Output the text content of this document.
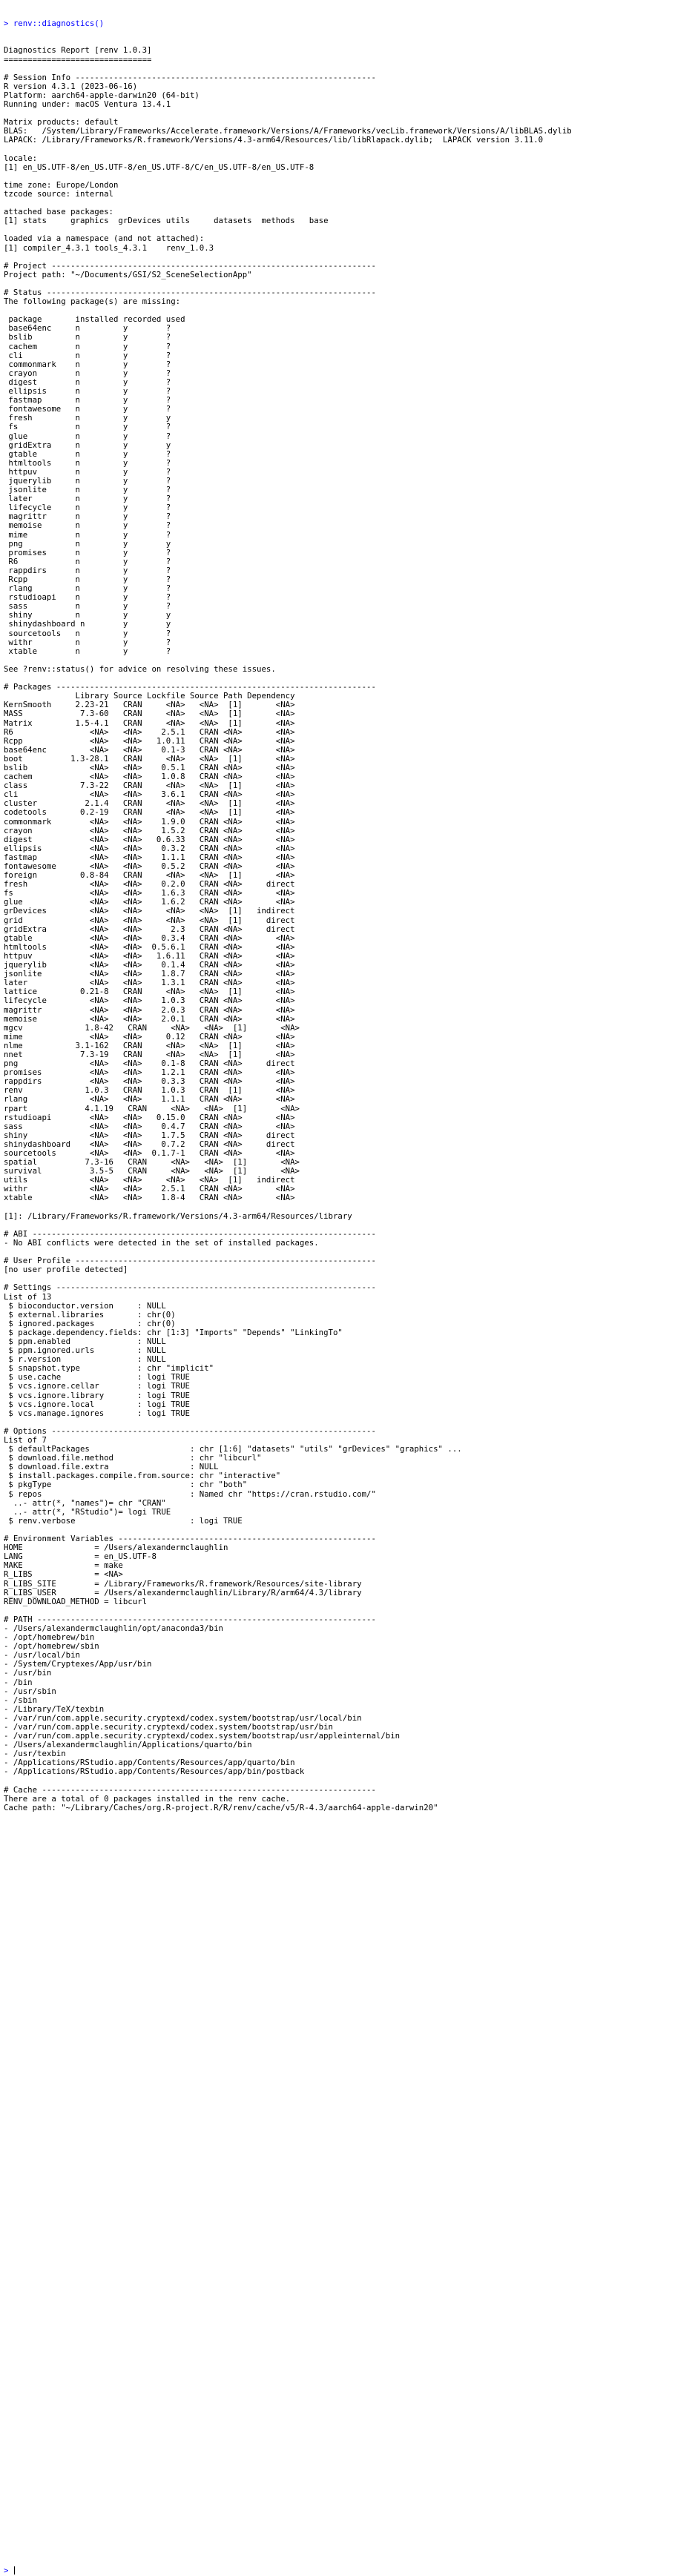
> renv::diagnostics()

Diagnostics Report [renv 1.0.3]
===============================
# Session Info ---------------------------------------------------------------
R version 4.3.1 (2023-06-16)
Platform: aarch64-apple-darwin20 (64-bit)
Running under: macOS Ventura 13.4.1
Matrix products: default
BLAS:   /System/Library/Frameworks/Accelerate.framework/Versions/A/Frameworks/vecLib.framework/Versions/A/libBLAS.dylib
LAPACK: /Library/Frameworks/R.framework/Versions/4.3-arm64/Resources/lib/libRlapack.dylib;  LAPACK version 3.11.0
locale:
[1] en_US.UTF-8/en_US.UTF-8/en_US.UTF-8/C/en_US.UTF-8/en_US.UTF-8
time zone: Europe/London
tzcode source: internal
attached base packages:
[1] stats     graphics  grDevices utils     datasets  methods   base
loaded via a namespace (and not attached):
[1] compiler_4.3.1 tools_4.3.1    renv_1.0.3
# Project --------------------------------------------------------------------
Project path: "~/Documents/GSI/S2_SceneSelectionApp"
# Status ---------------------------------------------------------------------
The following package(s) are missing:
package       installed recorded used
base64enc     n         y        ?
bslib         n         y        ?
cachem        n         y        ?
cli           n         y        ?
commonmark    n         y        ?
crayon        n         y        ?
digest        n         y        ?
ellipsis      n         y        ?
fastmap       n         y        ?
fontawesome   n         y        ?
fresh         n         y        y
fs            n         y        ?
glue          n         y        ?
gridExtra     n         y        y
gtable        n         y        ?
htmltools     n         y        ?
httpuv        n         y        ?
jquerylib     n         y        ?
jsonlite      n         y        ?
later         n         y        ?
lifecycle     n         y        ?
magrittr      n         y        ?
memoise       n         y        ?
mime          n         y        ?
png           n         y        y
promises      n         y        ?
R6            n         y        ?
rappdirs      n         y        ?
Rcpp          n         y        ?
rlang         n         y        ?
rstudioapi    n         y        ?
sass          n         y        ?
shiny         n         y        y
shinydashboard n        y        y
sourcetools   n         y        ?
withr         n         y        ?
xtable        n         y        ?
See ?renv::status() for advice on resolving these issues.
# Packages -------------------------------------------------------------------
Library Source Lockfile Source Path Dependency
KernSmooth     2.23-21   CRAN     <NA>   <NA>  [1]       <NA>
MASS            7.3-60   CRAN     <NA>   <NA>  [1]       <NA>
Matrix         1.5-4.1   CRAN     <NA>   <NA>  [1]       <NA>
R6                <NA>   <NA>    2.5.1   CRAN <NA>       <NA>
Rcpp              <NA>   <NA>   1.0.11   CRAN <NA>       <NA>
base64enc         <NA>   <NA>    0.1-3   CRAN <NA>       <NA>
boot          1.3-28.1   CRAN     <NA>   <NA>  [1]       <NA>
bslib             <NA>   <NA>    0.5.1   CRAN <NA>       <NA>
cachem            <NA>   <NA>    1.0.8   CRAN <NA>       <NA>
class           7.3-22   CRAN     <NA>   <NA>  [1]       <NA>
cli               <NA>   <NA>    3.6.1   CRAN <NA>       <NA>
cluster          2.1.4   CRAN     <NA>   <NA>  [1]       <NA>
codetools       0.2-19   CRAN     <NA>   <NA>  [1]       <NA>
commonmark        <NA>   <NA>    1.9.0   CRAN <NA>       <NA>
crayon            <NA>   <NA>    1.5.2   CRAN <NA>       <NA>
digest            <NA>   <NA>   0.6.33   CRAN <NA>       <NA>
ellipsis          <NA>   <NA>    0.3.2   CRAN <NA>       <NA>
fastmap           <NA>   <NA>    1.1.1   CRAN <NA>       <NA>
fontawesome       <NA>   <NA>    0.5.2   CRAN <NA>       <NA>
foreign         0.8-84   CRAN     <NA>   <NA>  [1]       <NA>
fresh             <NA>   <NA>    0.2.0   CRAN <NA>     direct
fs                <NA>   <NA>    1.6.3   CRAN <NA>       <NA>
glue              <NA>   <NA>    1.6.2   CRAN <NA>       <NA>
grDevices         <NA>   <NA>     <NA>   <NA>  [1]   indirect
grid              <NA>   <NA>     <NA>   <NA>  [1]     direct
gridExtra         <NA>   <NA>      2.3   CRAN <NA>     direct
gtable            <NA>   <NA>    0.3.4   CRAN <NA>       <NA>
htmltools         <NA>   <NA>  0.5.6.1   CRAN <NA>       <NA>
httpuv            <NA>   <NA>   1.6.11   CRAN <NA>       <NA>
jquerylib         <NA>   <NA>    0.1.4   CRAN <NA>       <NA>
jsonlite          <NA>   <NA>    1.8.7   CRAN <NA>       <NA>
later             <NA>   <NA>    1.3.1   CRAN <NA>       <NA>
lattice         0.21-8   CRAN     <NA>   <NA>  [1]       <NA>
lifecycle         <NA>   <NA>    1.0.3   CRAN <NA>       <NA>
magrittr          <NA>   <NA>    2.0.3   CRAN <NA>       <NA>
memoise           <NA>   <NA>    2.0.1   CRAN <NA>       <NA>
mgcv             1.8-42   CRAN     <NA>   <NA>  [1]       <NA>
mime              <NA>   <NA>     0.12   CRAN <NA>       <NA>
nlme           3.1-162   CRAN     <NA>   <NA>  [1]       <NA>
nnet            7.3-19   CRAN     <NA>   <NA>  [1]       <NA>
png               <NA>   <NA>    0.1-8   CRAN <NA>     direct
promises          <NA>   <NA>    1.2.1   CRAN <NA>       <NA>
rappdirs          <NA>   <NA>    0.3.3   CRAN <NA>       <NA>
renv             1.0.3   CRAN    1.0.3   CRAN  [1]       <NA>
rlang             <NA>   <NA>    1.1.1   CRAN <NA>       <NA>
rpart            4.1.19   CRAN     <NA>   <NA>  [1]       <NA>
rstudioapi        <NA>   <NA>   0.15.0   CRAN <NA>       <NA>
sass              <NA>   <NA>    0.4.7   CRAN <NA>       <NA>
shiny             <NA>   <NA>    1.7.5   CRAN <NA>     direct
shinydashboard    <NA>   <NA>    0.7.2   CRAN <NA>     direct
sourcetools       <NA>   <NA>  0.1.7-1   CRAN <NA>       <NA>
spatial          7.3-16   CRAN     <NA>   <NA>  [1]       <NA>
survival          3.5-5   CRAN     <NA>   <NA>  [1]       <NA>
utils             <NA>   <NA>     <NA>   <NA>  [1]   indirect
withr             <NA>   <NA>    2.5.1   CRAN <NA>       <NA>
xtable            <NA>   <NA>    1.8-4   CRAN <NA>       <NA>
[1]: /Library/Frameworks/R.framework/Versions/4.3-arm64/Resources/library
# ABI ------------------------------------------------------------------------
- No ABI conflicts were detected in the set of installed packages.
# User Profile ---------------------------------------------------------------
[no user profile detected]
# Settings -------------------------------------------------------------------
List of 13
$ bioconductor.version     : NULL
$ external.libraries       : chr(0)
$ ignored.packages         : chr(0)
$ package.dependency.fields: chr [1:3] "Imports" "Depends" "LinkingTo"
$ ppm.enabled              : NULL
$ ppm.ignored.urls         : NULL
$ r.version                : NULL
$ snapshot.type            : chr "implicit"
$ use.cache                : logi TRUE
$ vcs.ignore.cellar        : logi TRUE
$ vcs.ignore.library       : logi TRUE
$ vcs.ignore.local         : logi TRUE
$ vcs.manage.ignores       : logi TRUE
# Options --------------------------------------------------------------------
List of 7
$ defaultPackages                     : chr [1:6] "datasets" "utils" "grDevices" "graphics" ...
$ download.file.method                : chr "libcurl"
$ download.file.extra                 : NULL
$ install.packages.compile.from.source: chr "interactive"
$ pkgType                             : chr "both"
$ repos                               : Named chr "https://cran.rstudio.com/"
..- attr(*, "names")= chr "CRAN"
..- attr(*, "RStudio")= logi TRUE
$ renv.verbose                        : logi TRUE
# Environment Variables ------------------------------------------------------
HOME               = /Users/alexandermclaughlin
LANG               = en_US.UTF-8
MAKE               = make
R_LIBS             = <NA>
R_LIBS_SITE        = /Library/Frameworks/R.framework/Resources/site-library
R_LIBS_USER        = /Users/alexandermclaughlin/Library/R/arm64/4.3/library
RENV_DOWNLOAD_METHOD = libcurl
# PATH -----------------------------------------------------------------------
- /Users/alexandermclaughlin/opt/anaconda3/bin
- /opt/homebrew/bin
- /opt/homebrew/sbin
- /usr/local/bin
- /System/Cryptexes/App/usr/bin
- /usr/bin
- /bin
- /usr/sbin
- /sbin
- /Library/TeX/texbin
- /var/run/com.apple.security.cryptexd/codex.system/bootstrap/usr/local/bin
- /var/run/com.apple.security.cryptexd/codex.system/bootstrap/usr/bin
- /var/run/com.apple.security.cryptexd/codex.system/bootstrap/usr/appleinternal/bin
- /Users/alexandermclaughlin/Applications/quarto/bin
- /usr/texbin
- /Applications/RStudio.app/Contents/Resources/app/quarto/bin
- /Applications/RStudio.app/Contents/Resources/app/bin/postback
# Cache ----------------------------------------------------------------------
There are a total of 0 packages installed in the renv cache.
Cache path: "~/Library/Caches/org.R-project.R/R/renv/cache/v5/R-4.3/aarch64-apple-darwin20"

>
